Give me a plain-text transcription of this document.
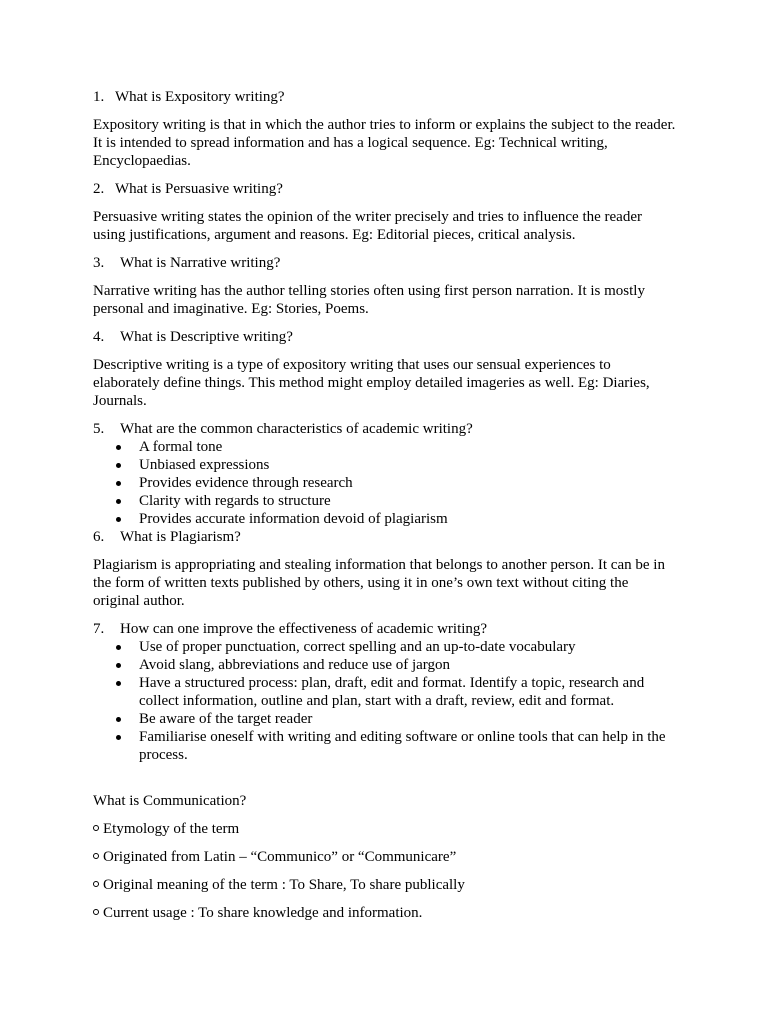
1. What is Expository writing?

Expository writing is that in which the author tries to inform or explains the subject to the reader. It is intended to spread information and has a logical sequence. Eg: Technical writing, Encyclopaedias.

2. What is Persuasive writing?

Persuasive writing states the opinion of the writer precisely and tries to influence the reader using justifications, argument and reasons. Eg: Editorial pieces, critical analysis.

3. What is Narrative writing?

Narrative writing has the author telling stories often using first person narration. It is mostly personal and imaginative. Eg: Stories, Poems.

4. What is Descriptive writing?

Descriptive writing is a type of expository writing that uses our sensual experiences to elaborately define things. This method might employ detailed imageries as well. Eg: Diaries, Journals.

5. What are the common characteristics of academic writing?
A formal tone
Unbiased expressions
Provides evidence through research
Clarity with regards to structure
Provides accurate information devoid of plagiarism
6. What is Plagiarism?

Plagiarism is appropriating and stealing information that belongs to another person. It can be in the form of written texts published by others, using it in one’s own text without citing the original author.

7. How can one improve the effectiveness of academic writing?
Use of proper punctuation, correct spelling and an up-to-date vocabulary
Avoid slang, abbreviations and reduce use of jargon
Have a structured process: plan, draft, edit and format. Identify a topic, research and collect information, outline and plan, start with a draft, review, edit and format.
Be aware of the target reader
Familiarise oneself with writing and editing software or online tools that can help in the process.

What is Communication?

Etymology of the term

Originated from Latin – “Communico” or “Communicare”

Original meaning of the term : To Share, To share publically

Current usage : To share knowledge and information.
